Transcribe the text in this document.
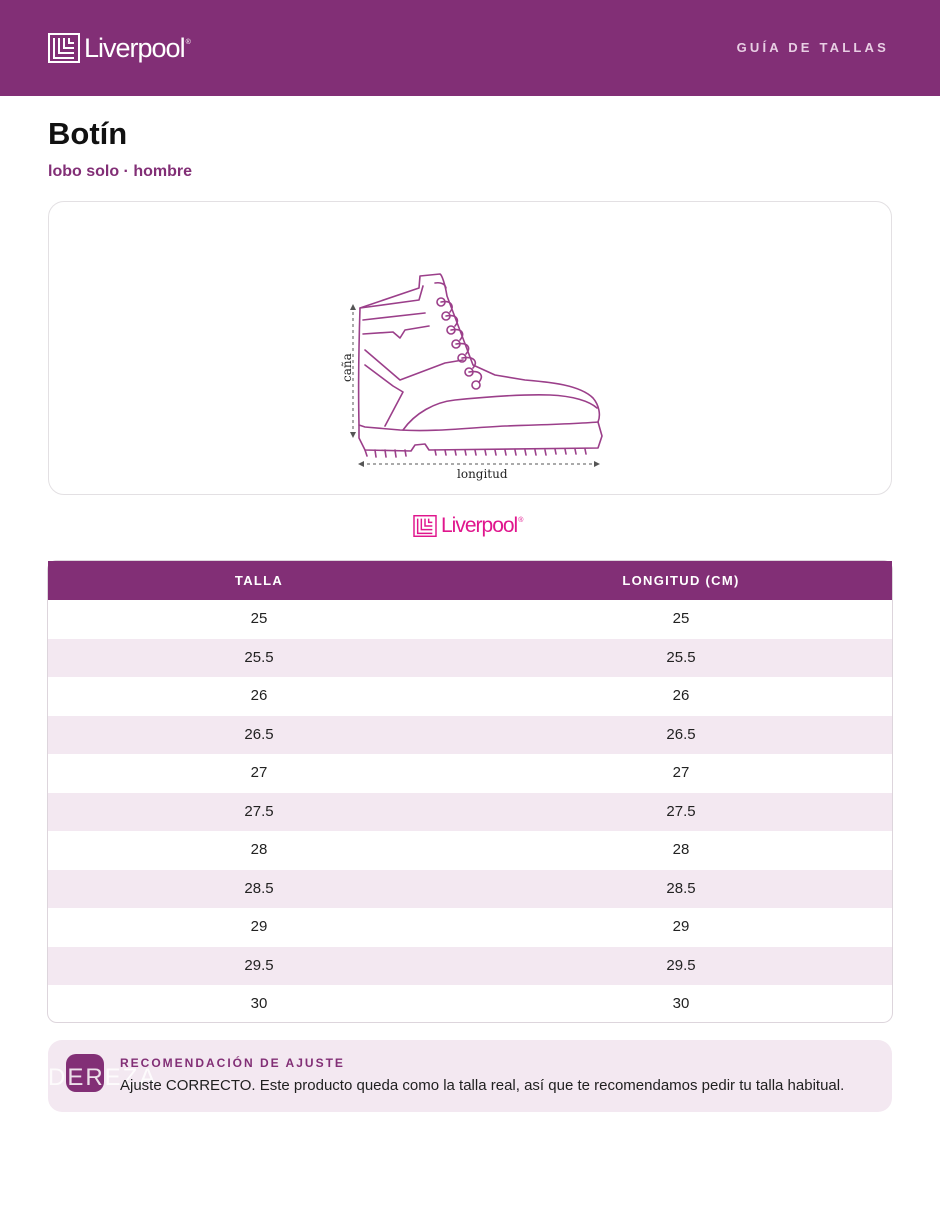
Liverpool ®	GUÍA DE TALLAS
Botín
lobo solo · hombre
caña
longitud
Liverpool ®
TALLA	LONGITUD (CM)
25	25
25.5	25.5
26	26
26.5	26.5
27	27
27.5	27.5
28	28
28.5	28.5
29	29
29.5	29.5
30	30
DEREZA
RECOMENDACIÓN DE AJUSTE
Ajuste CORRECTO. Este producto queda como la talla real, así que te recomendamos pedir tu talla habitual.
